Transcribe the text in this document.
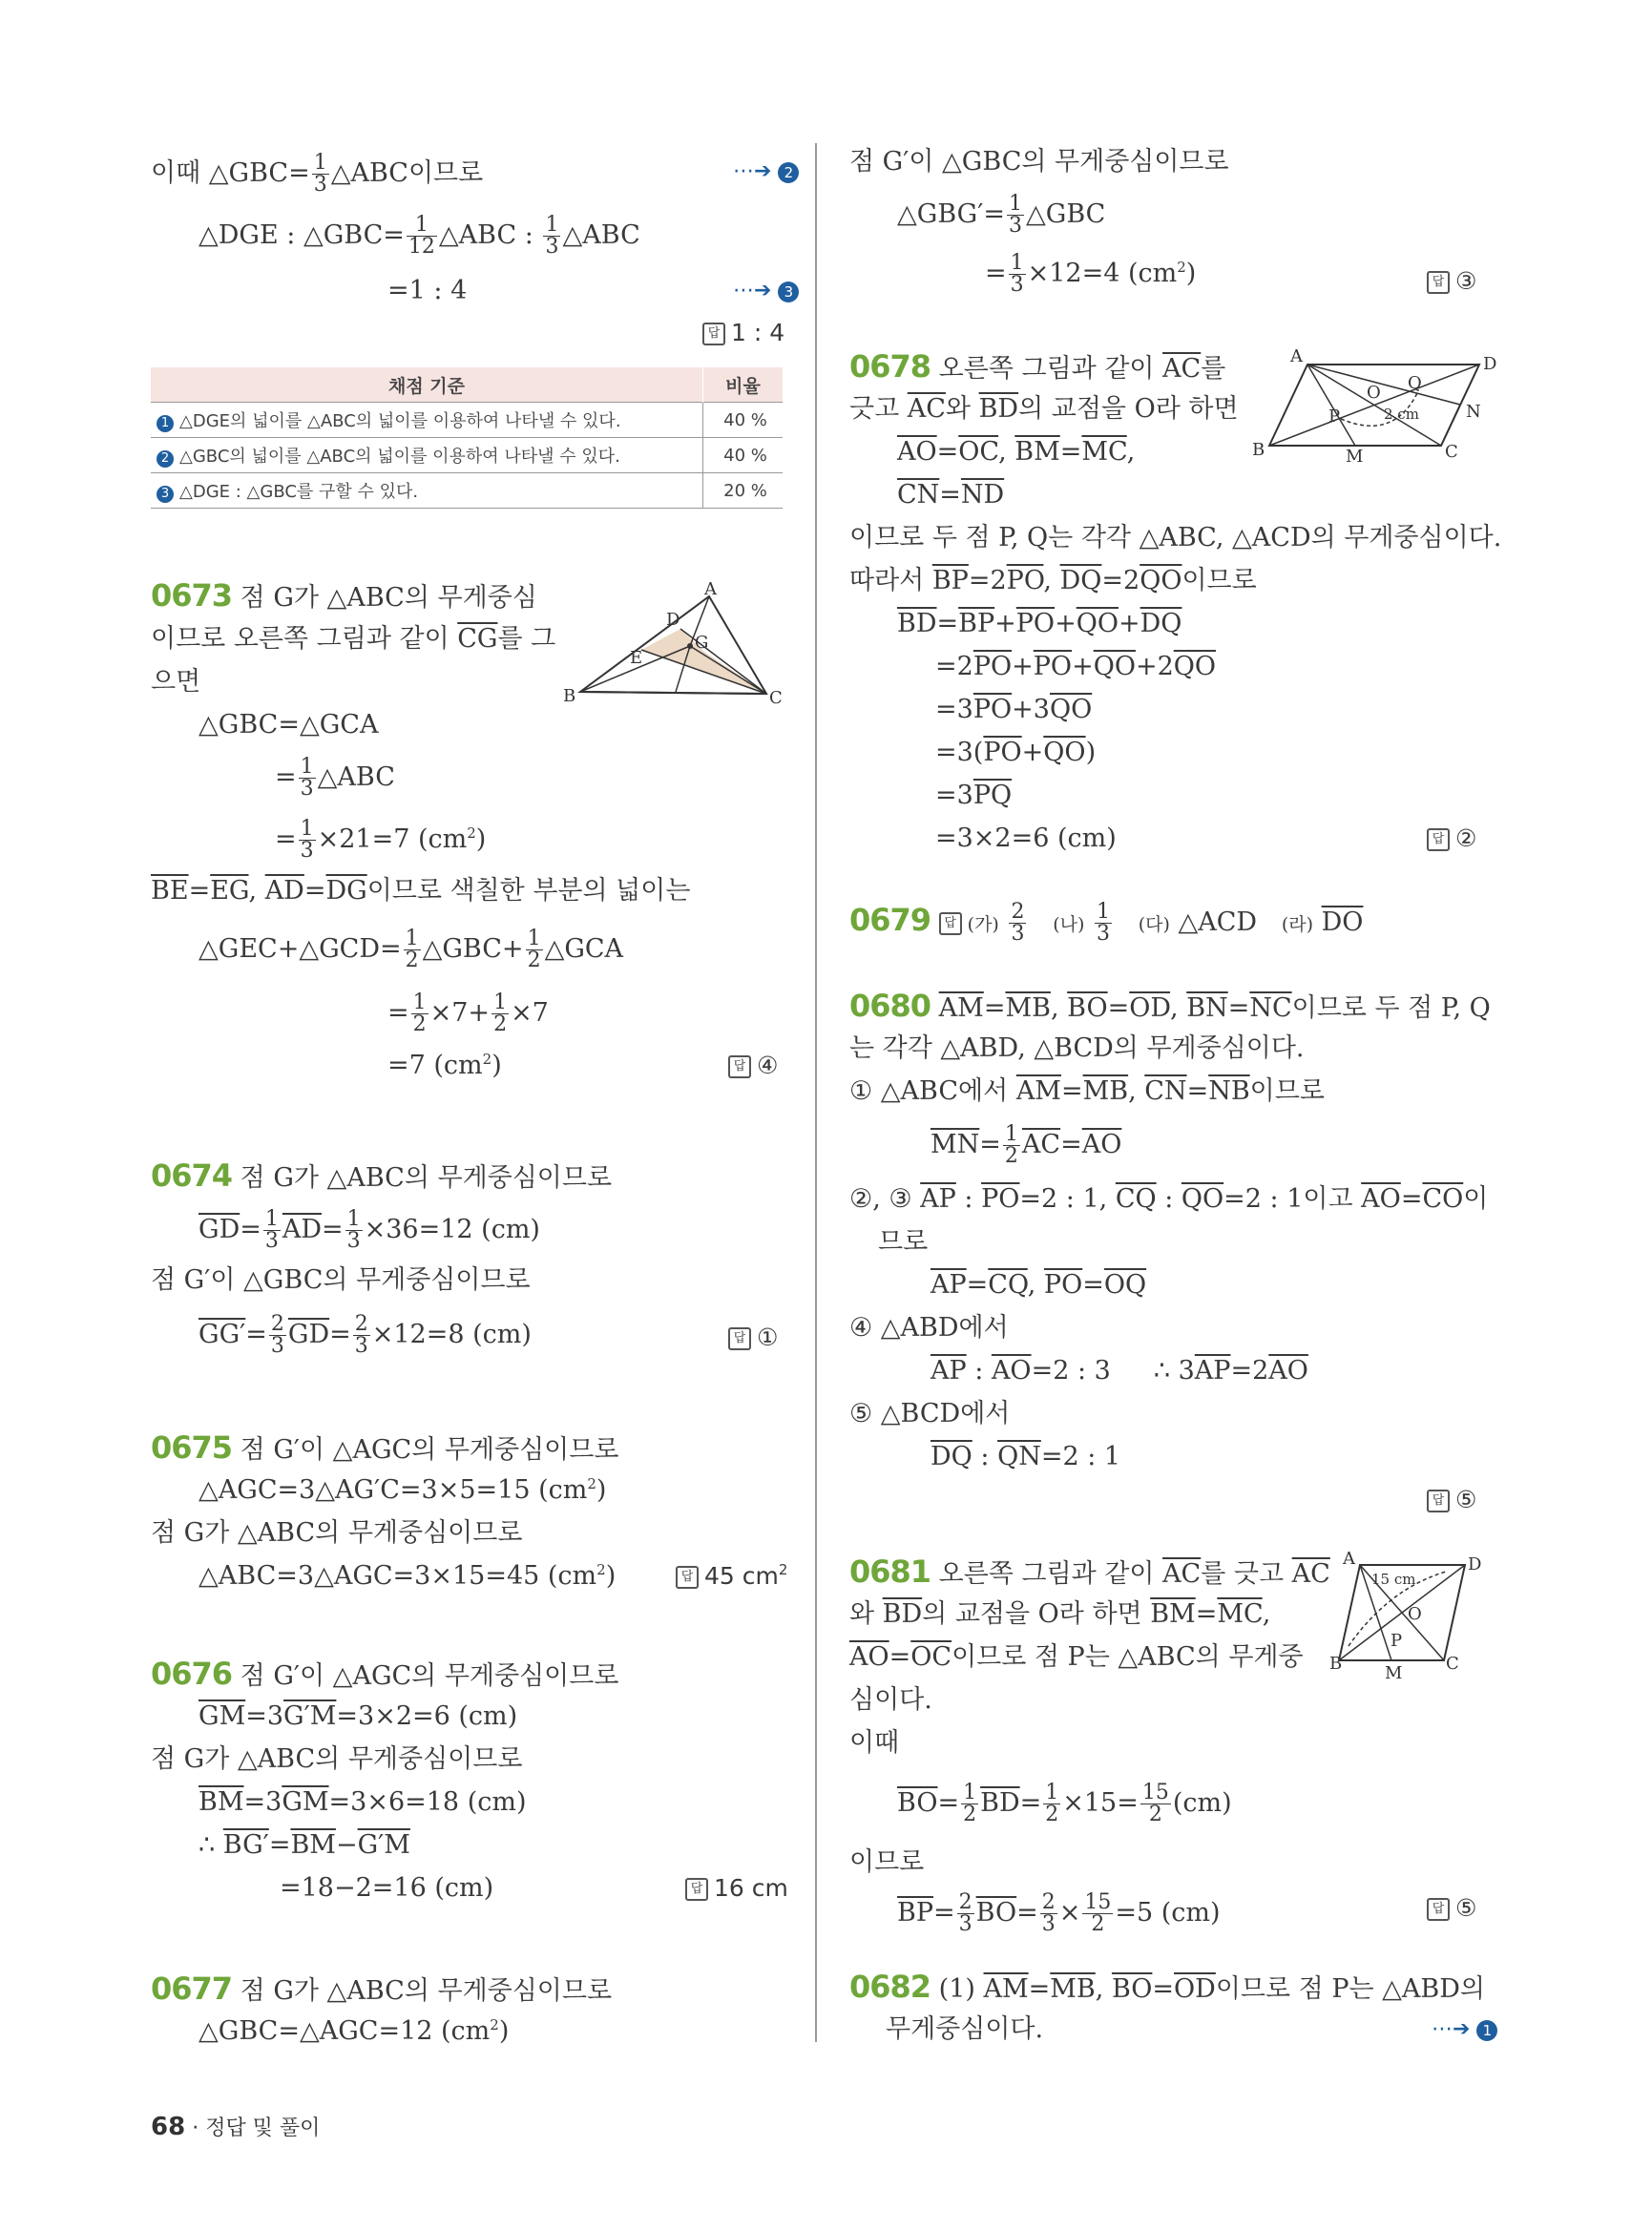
이때 △GBC= $\frac{1}{3}$ △ABC이므로	⋯➔ 2
△DGE : △GBC= $\frac{1}{12}$ △ABC : $\frac{1}{3}$ △ABC
=1 : 4	⋯➔ 3
답 1 : 4
채점 기준	비율
1 △DGE의 넓이를 △ABC의 넓이를 이용하여 나타낼 수 있다.	40 %
2 △GBC의 넓이를 △ABC의 넓이를 이용하여 나타낼 수 있다.	40 %
3 △DGE : △GBC를 구할 수 있다.	20 %
0673 점 G가 △ABC의 무게중심
이므로 오른쪽 그림과 같이 $\overline{CG}$를 그
으면
A
B	C
D
E
G
△GBC=△GCA
= $\frac{1}{3}$ △ABC
= $\frac{1}{3} \times 21=7$ $(cm^2)$
$\overline{BE}=\overline{EG}$, $\overline{AD}=\overline{DG}$이므로 색칠한 부분의 넓이는
△GEC+△GCD= $\frac{1}{2}$ △GBC+ $\frac{1}{2}$ △GCA
= $\frac{1}{2} \times 7+ \frac{1}{2} \times 7$
=7 $(cm^2)$	답 ④
0674 점 G가 △ABC의 무게중심이므로
$\overline{GD}= \frac{1}{3} \overline{AD}= \frac{1}{3} \times 36=12$ (cm)
점 G′이 △GBC의 무게중심이므로
$GG'= \frac{2}{3} \overline{GD}= \frac{2}{3} \times 12=8$ (cm)	답 ①
0675 점 G′이 △AGC의 무게중심이므로
△AGC=3△AG′C=3×5=15 $(cm^2)$
점 G가 △ABC의 무게중심이므로
△ABC=3△AGC=3×15=45 $(cm^2)$	답 45 $cm^2$
0676 점 G′이 △AGC의 무게중심이므로
$\overline{GM}=3G'M=3\times 2=6$ (cm)
점 G가 △ABC의 무게중심이므로
$\overline{BM}=3\overline{GM}=3\times 6=18$ (cm)
∴ $BG'=\overline{BM}-G'M$
=18−2=16 (cm)	답 16 cm
0677 점 G가 △ABC의 무게중심이므로
△GBC=△AGC=12 $(cm^2)$
점 G′이 △GBC의 무게중심이므로
△GBG′= $\frac{1}{3}$ △GBC
= $\frac{1}{3} \times 12=4$ $(cm^2)$	답 ③
0678 오른쪽 그림과 같이 $\overline{AC}$를
긋고 $\overline{AC}$와 $\overline{BD}$의 교점을 O라 하면
$\overline{AO}=\overline{OC}$, $\overline{BM}=\overline{MC}$,
$\overline{CN}=\overline{ND}$
A	D
B	C
M
N
O
P
Q
2 cm
이므로 두 점 P, Q는 각각 △ABC, △ACD의 무게중심이다.
따라서 $\overline{BP}=2\overline{PO}$, $\overline{DQ}=2\overline{QO}$이므로
$\overline{BD}=\overline{BP}+\overline{PO}+\overline{QO}+\overline{DQ}$
$=2\overline{PO}+\overline{PO}+\overline{QO}+2\overline{QO}$
$=3\overline{PO}+3\overline{QO}$
$=3(\overline{PO}+\overline{QO})$
$=3\overline{PQ}$
=3×2=6 (cm)	답 ②
0679 답 (가) $\frac{2}{3}$ (나) $\frac{1}{3}$ (다) △ACD (라) $\overline{DO}$
0680 $\overline{AM}=\overline{MB}$, $\overline{BO}=\overline{OD}$, $\overline{BN}=\overline{NC}$이므로 두 점 P, Q
는 각각 △ABD, △BCD의 무게중심이다.
① △ABC에서 $\overline{AM}=\overline{MB}$, $\overline{CN}=\overline{NB}$이므로
$\overline{MN}= \frac{1}{2} \overline{AC}=\overline{AO}$
②, ③ $\overline{AP}$ : $\overline{PO}=2$ : 1, $\overline{CQ}$ : $\overline{QO}=2$ : 1이고 $\overline{AO}=\overline{CO}$이
므로
$\overline{AP}=\overline{CQ}$, $\overline{PO}=\overline{OQ}$
④ △ABD에서
$\overline{AP}$ : $\overline{AO}=2$ : 3 ∴ $3\overline{AP}=2\overline{AO}$
⑤ △BCD에서
$\overline{DQ}$ : $\overline{QN}=2$ : 1
답 ⑤
0681 오른쪽 그림과 같이 $\overline{AC}$를 긋고 $\overline{AC}$
와 $\overline{BD}$의 교점을 O라 하면 $\overline{BM}=\overline{MC}$,
$\overline{AO}=\overline{OC}$이므로 점 P는 △ABC의 무게중
심이다.
A	D
B	C
M
O
P
15 cm
이때
$\overline{BO}= \frac{1}{2} \overline{BD}= \frac{1}{2} \times 15= \frac{15}{2} (cm)$
이므로
$\overline{BP}= \frac{2}{3} \overline{BO}= \frac{2}{3} \times \frac{15}{2} =5$ (cm)	답 ⑤
0682 (1) $\overline{AM}=\overline{MB}$, $\overline{BO}=\overline{OD}$이므로 점 P는 △ABD의
무게중심이다.	⋯➔ 1
68 · 정답 및 풀이
